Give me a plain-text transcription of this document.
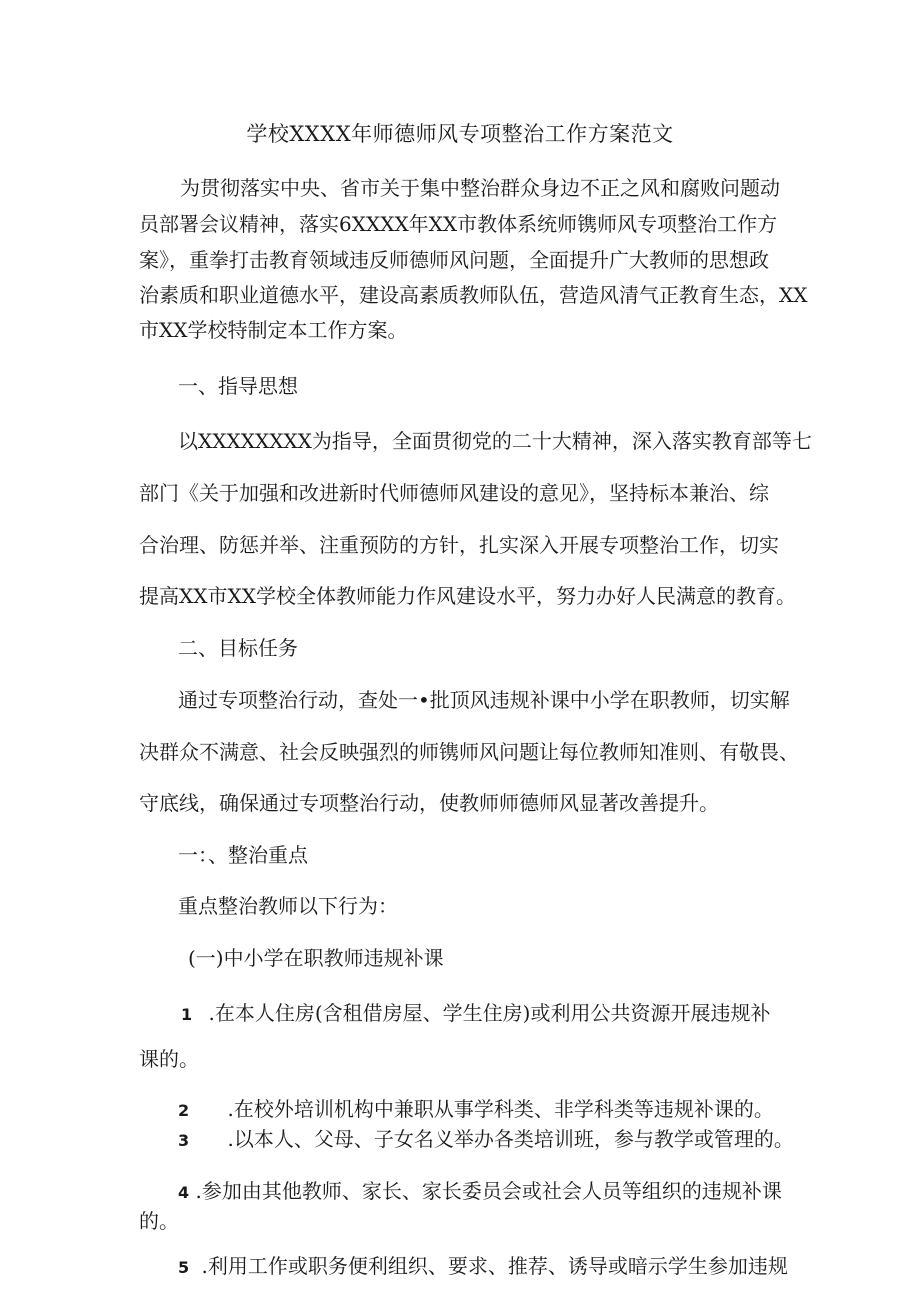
学校XXXX年师德师风专项整治工作方案范文
为贯彻落实中央、省市关于集中整治群众身边不正之风和腐败问题动
员部署会议精神，落实6XXXX年XX市教体系统师镌师风专项整治工作方
案》，重拳打击教育领域违反师德师风问题，全面提升广大教师的思想政
治素质和职业道德水平，建设高素质教师队伍，营造风清气正教育生态，XX
市XX学校特制定本工作方案。
一、指导思想
以XXXXXXXX为指导，全面贯彻党的二十大精神，深入落实教育部等七
部门《关于加强和改进新时代师德师风建设的意见》，坚持标本兼治、综
合治理、防惩并举、注重预防的方针，扎实深入开展专项整治工作，切实
提高XX市XX学校全体教师能力作风建设水平，努力办好人民满意的教育。
二、目标任务
通过专项整治行动，查处一•批顶风违规补课中小学在职教师，切实解
决群众不满意、社会反映强烈的师镌师风问题让每位教师知准则、有敬畏、
守底线，确保通过专项整治行动，使教师师德师风显著改善提升。
一：、整治重点
重点整治教师以下行为：
(一)中小学在职教师违规补课
1 .在本人住房(含租借房屋、学生住房)或利用公共资源开展违规补
课的。
2 .在校外培训机构中兼职从事学科类、非学科类等违规补课的。
3 .以本人、父母、子女名义举办各类培训班，参与教学或管理的。
4 .参加由其他教师、家长、家长委员会或社会人员等组织的违规补课
的。
5 .利用工作或职务便利组织、要求、推荐、诱导或暗示学生参加违规
